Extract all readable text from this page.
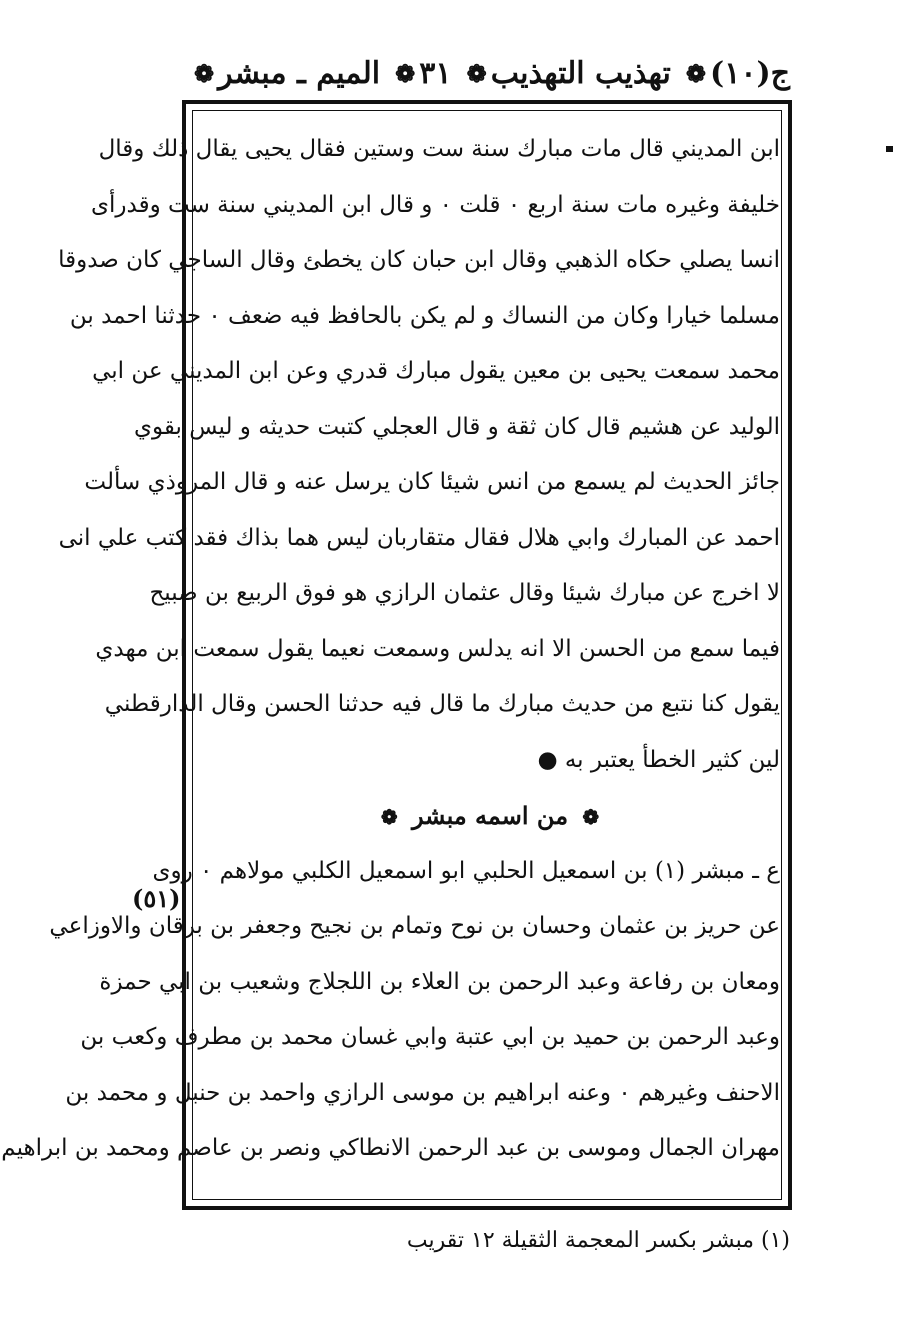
ج(١٠)
❁
تهذيب التهذيب
❁
٣١
❁
الميم ـ مبشر
❁
(٥١)
ابن المديني قال مات مبارك سنة ست وستين فقال يحيى يقال ذلك وقال
خليفة وغيره مات سنة اربع ٠ قلت ٠ و قال ابن المديني سنة ست وقدرأى
انسا يصلي حكاه الذهبي وقال ابن حبان كان يخطئ وقال الساجي كان صدوقا
مسلما خيارا وكان من النساك و لم يكن بالحافظ فيه ضعف ٠ حدثنا احمد بن
محمد سمعت يحيى بن معين يقول مبارك قدري وعن ابن المديني عن ابي
الوليد عن هشيم قال كان ثقة و قال العجلي كتبت حديثه و ليس بقوي
جائز الحديث لم يسمع من انس شيئا كان يرسل عنه و قال المروذي سألت
احمد عن المبارك وابي هلال فقال متقاربان ليس هما بذاك فقد كتب علي انى
لا اخرج عن مبارك شيئا وقال عثمان الرازي هو فوق الربيع بن صبيح
فيما سمع من الحسن الا انه يدلس وسمعت نعيما يقول سمعت ابن مهدي
يقول كنا نتبع من حديث مبارك ما قال فيه حدثنا الحسن وقال الدارقطني
لين كثير الخطأ يعتبر به ●
❁ من اسمه مبشر ❁
ع ـ مبشر (١) بن اسمعيل الحلبي ابو اسمعيل الكلبي مولاهم ٠ روى
عن حريز بن عثمان وحسان بن نوح وتمام بن نجيح وجعفر بن برقان والاوزاعي
ومعان بن رفاعة وعبد الرحمن بن العلاء بن اللجلاج وشعيب بن ابي حمزة
وعبد الرحمن بن حميد بن ابي عتبة وابي غسان محمد بن مطرف وكعب بن
الاحنف وغيرهم ٠ وعنه ابراهيم بن موسى الرازي واحمد بن حنبل و محمد بن
مهران الجمال وموسى بن عبد الرحمن الانطاكي ونصر بن عاصم ومحمد بن ابراهيم
(١) مبشر بكسر المعجمة الثقيلة ١٢ تقريب
